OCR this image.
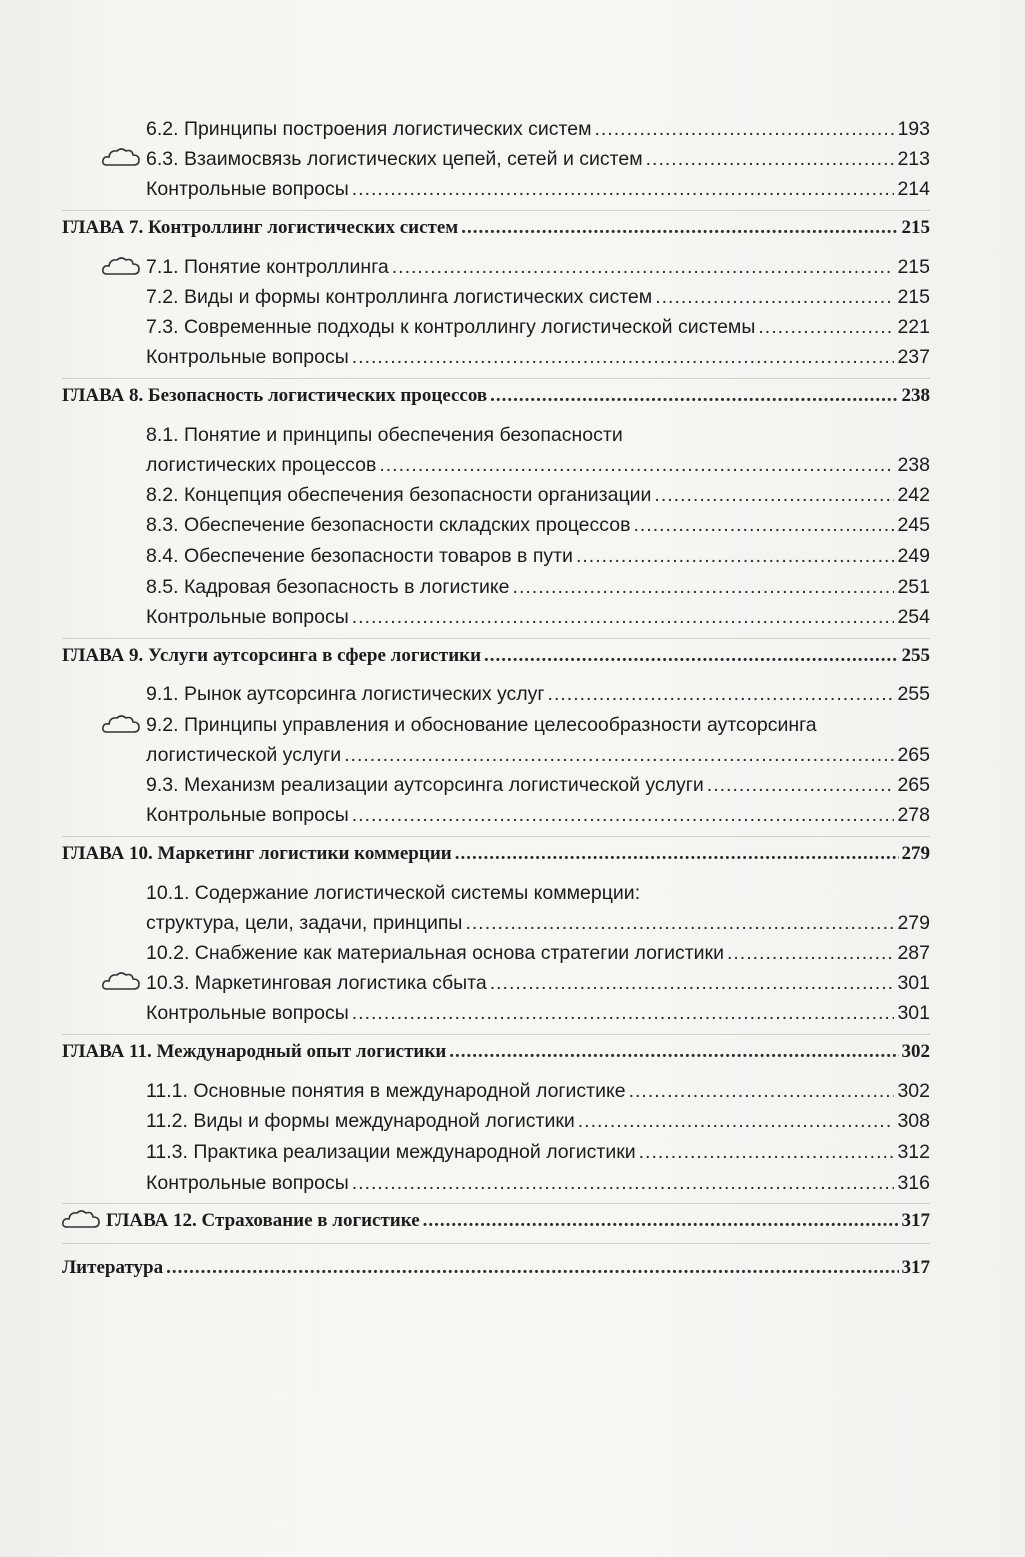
6.2. Принципы построения логистических систем .....	193
6.3. Взаимосвязь логистических цепей, сетей и систем .....	213
Контрольные вопросы .....	214
ГЛАВА 7. Контроллинг логистических систем .....	215
7.1. Понятие контроллинга .....	215
7.2. Виды и формы контроллинга логистических систем .....	215
7.3. Современные подходы к контроллингу логистической системы .....	221
Контрольные вопросы .....	237
ГЛАВА 8. Безопасность логистических процессов .....	238
8.1. Понятие и принципы обеспечения безопасности
логистических процессов .....	238
8.2. Концепция обеспечения безопасности организации .....	242
8.3. Обеспечение безопасности складских процессов .....	245
8.4. Обеспечение безопасности товаров в пути .....	249
8.5. Кадровая безопасность в логистике .....	251
Контрольные вопросы .....	254
ГЛАВА 9. Услуги аутсорсинга в сфере логистики .....	255
9.1. Рынок аутсорсинга логистических услуг .....	255
9.2. Принципы управления и обоснование целесообразности аутсорсинга
логистической услуги .....	265
9.3. Механизм реализации аутсорсинга логистической услуги .....	265
Контрольные вопросы .....	278
ГЛАВА 10. Маркетинг логистики коммерции .....	279
10.1. Содержание логистической системы коммерции:
структура, цели, задачи, принципы .....	279
10.2. Снабжение как материальная основа стратегии логистики .....	287
10.3. Маркетинговая логистика сбыта .....	301
Контрольные вопросы .....	301
ГЛАВА 11. Международный опыт логистики .....	302
11.1. Основные понятия в международной логистике .....	302
11.2. Виды и формы международной логистики .....	308
11.3. Практика реализации международной логистики .....	312
Контрольные вопросы .....	316
ГЛАВА 12. Страхование в логистике .....	317
Литература .....	317
